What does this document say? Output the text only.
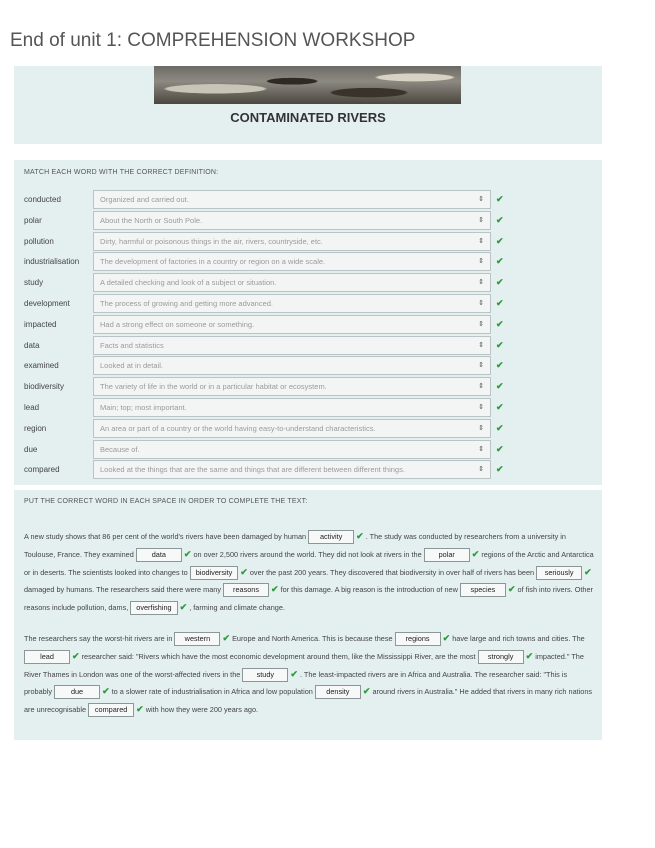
End of unit 1: COMPREHENSION WORKSHOP
CONTAMINATED RIVERS
MATCH EACH WORD WITH THE CORRECT DEFINITION:
conducted	Organized and carried out.	⇕ ✔
polar	About the North or South Pole.	⇕ ✔
pollution	Dirty, harmful or poisonous things in the air, rivers, countryside, etc.	⇕ ✔
industrialisation	The development of factories in a country or region on a wide scale.	⇕ ✔
study	A detailed checking and look of a subject or situation.	⇕ ✔
development	The process of growing and getting more advanced.	⇕ ✔
impacted	Had a strong effect on someone or something.	⇕ ✔
data	Facts and statistics	⇕ ✔
examined	Looked at in detail.	⇕ ✔
biodiversity	The variety of life in the world or in a particular habitat or ecosystem.	⇕ ✔
lead	Main; top; most important.	⇕ ✔
region	An area or part of a country or the world having easy-to-understand characteristics.	⇕ ✔
due	Because of.	⇕ ✔
compared	Looked at the things that are the same and things that are different between different things.	⇕ ✔
PUT THE CORRECT WORD IN EACH SPACE IN ORDER TO COMPLETE THE TEXT:
A new study shows that 86 per cent of the world's rivers have been damaged by human activity ✔ . The study was conducted by researchers from a university in Toulouse, France. They examined data ✔ on over 2,500 rivers around the world. They did not look at rivers in the polar ✔ regions of the Arctic and Antarctica or in deserts. The scientists looked into changes to biodiversity ✔ over the past 200 years. They discovered that biodiversity in over half of rivers has been seriously ✔ damaged by humans. The researchers said there were many reasons ✔ for this damage. A big reason is the introduction of new species ✔ of fish into rivers. Other reasons include pollution, dams, overfishing ✔ , farming and climate change.
The researchers say the worst-hit rivers are in western ✔ Europe and North America. This is because these regions ✔ have large and rich towns and cities. The lead ✔ researcher said: "Rivers which have the most economic development around them, like the Mississippi River, are the most strongly ✔ impacted." The River Thames in London was one of the worst-affected rivers in the study ✔ . The least-impacted rivers are in Africa and Australia. The researcher said: "This is probably	due ✔ to a slower rate of industrialisation in Africa and low population density ✔ around rivers in Australia." He added that rivers in many rich nations are unrecognisable compared ✔ with how they were 200 years ago.
